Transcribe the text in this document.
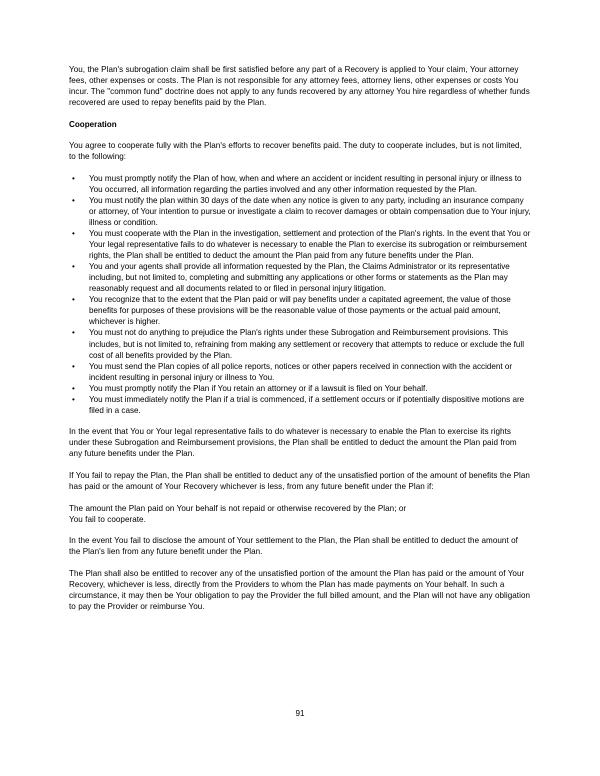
You, the Plan's subrogation claim shall be first satisfied before any part of a Recovery is applied to Your claim, Your attorney fees, other expenses or costs. The Plan is not responsible for any attorney fees, attorney liens, other expenses or costs You incur. The "common fund" doctrine does not apply to any funds recovered by any attorney You hire regardless of whether funds recovered are used to repay benefits paid by the Plan.

Cooperation

You agree to cooperate fully with the Plan's efforts to recover benefits paid. The duty to cooperate includes, but is not limited, to the following:

• You must promptly notify the Plan of how, when and where an accident or incident resulting in personal injury or illness to You occurred, all information regarding the parties involved and any other information requested by the Plan.
• You must notify the plan within 30 days of the date when any notice is given to any party, including an insurance company or attorney, of Your intention to pursue or investigate a claim to recover damages or obtain compensation due to Your injury, illness or condition.
• You must cooperate with the Plan in the investigation, settlement and protection of the Plan's rights. In the event that You or Your legal representative fails to do whatever is necessary to enable the Plan to exercise its subrogation or reimbursement rights, the Plan shall be entitled to deduct the amount the Plan paid from any future benefits under the Plan.
• You and your agents shall provide all information requested by the Plan, the Claims Administrator or its representative including, but not limited to, completing and submitting any applications or other forms or statements as the Plan may reasonably request and all documents related to or filed in personal injury litigation.
• You recognize that to the extent that the Plan paid or will pay benefits under a capitated agreement, the value of those benefits for purposes of these provisions will be the reasonable value of those payments or the actual paid amount, whichever is higher.
• You must not do anything to prejudice the Plan's rights under these Subrogation and Reimbursement provisions. This includes, but is not limited to, refraining from making any settlement or recovery that attempts to reduce or exclude the full cost of all benefits provided by the Plan.
• You must send the Plan copies of all police reports, notices or other papers received in connection with the accident or incident resulting in personal injury or illness to You.
• You must promptly notify the Plan if You retain an attorney or if a lawsuit is filed on Your behalf.
• You must immediately notify the Plan if a trial is commenced, if a settlement occurs or if potentially dispositive motions are filed in a case.

In the event that You or Your legal representative fails to do whatever is necessary to enable the Plan to exercise its rights under these Subrogation and Reimbursement provisions, the Plan shall be entitled to deduct the amount the Plan paid from any future benefits under the Plan.

If You fail to repay the Plan, the Plan shall be entitled to deduct any of the unsatisfied portion of the amount of benefits the Plan has paid or the amount of Your Recovery whichever is less, from any future benefit under the Plan if:

The amount the Plan paid on Your behalf is not repaid or otherwise recovered by the Plan; or

You fail to cooperate.

In the event You fail to disclose the amount of Your settlement to the Plan, the Plan shall be entitled to deduct the amount of the Plan's lien from any future benefit under the Plan.

The Plan shall also be entitled to recover any of the unsatisfied portion of the amount the Plan has paid or the amount of Your Recovery, whichever is less, directly from the Providers to whom the Plan has made payments on Your behalf. In such a circumstance, it may then be Your obligation to pay the Provider the full billed amount, and the Plan will not have any obligation to pay the Provider or reimburse You.

91
